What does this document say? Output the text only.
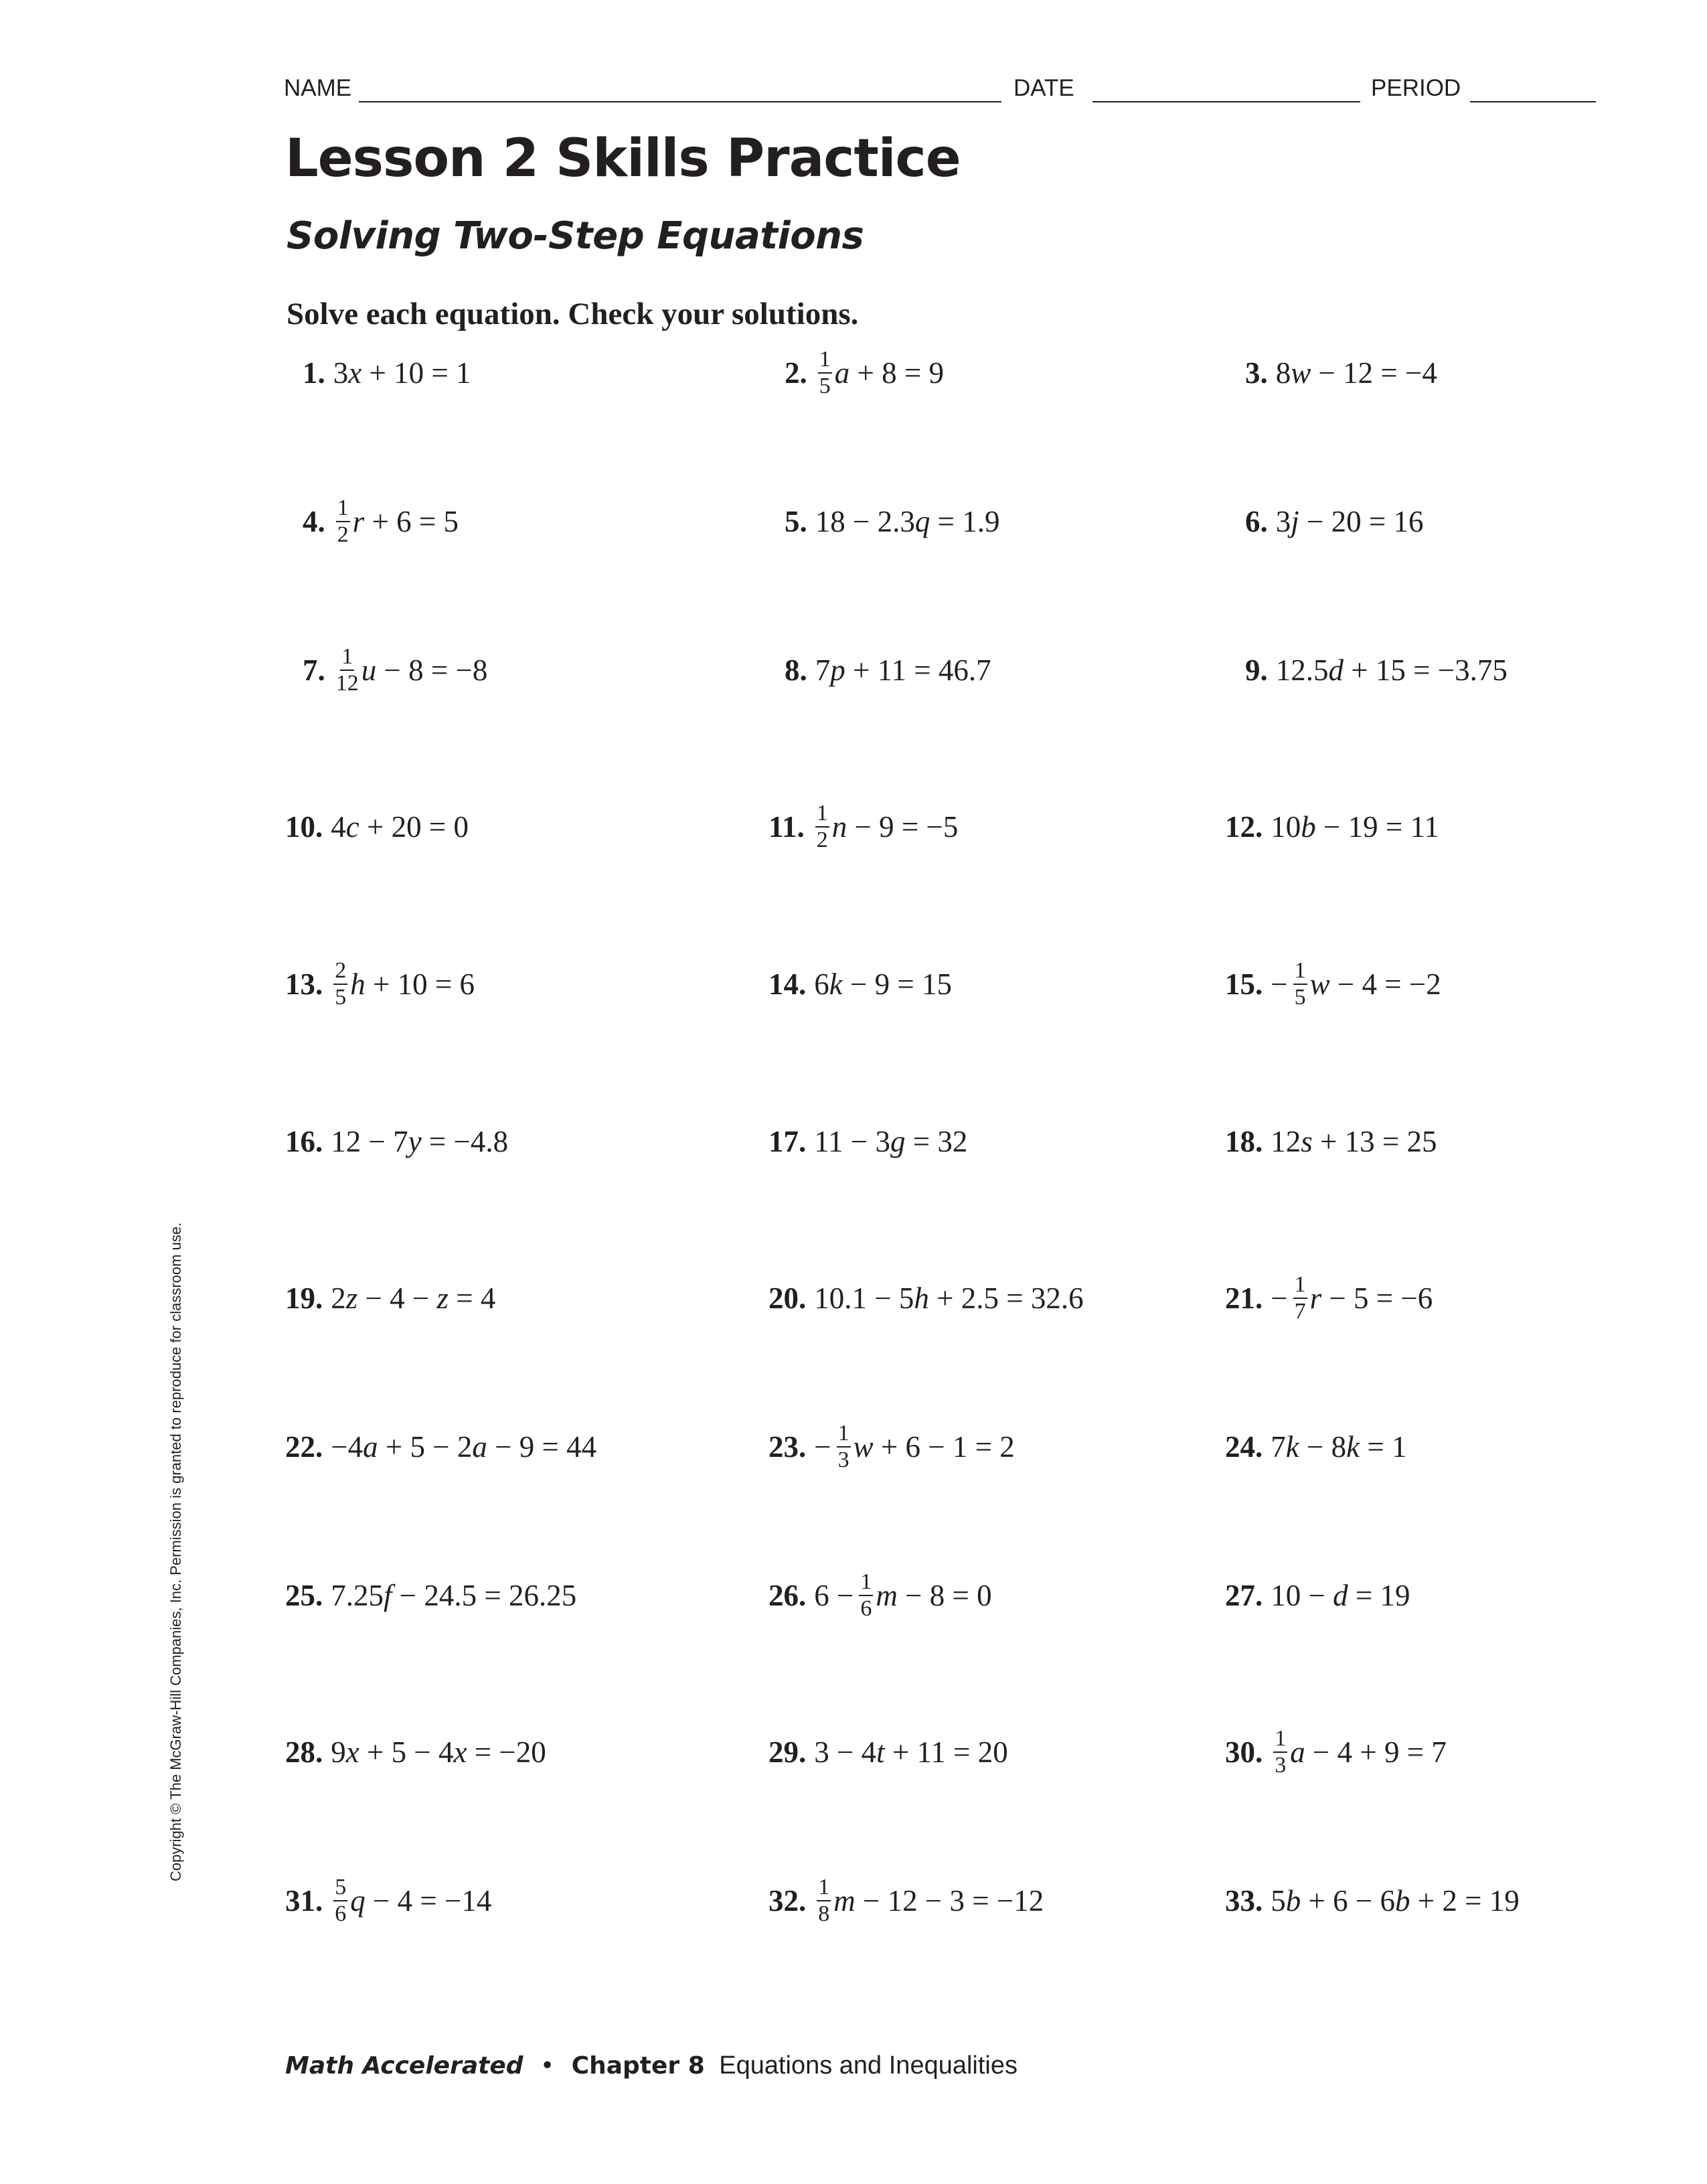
NAME	DATE	PERIOD
Lesson 2 Skills Practice
Solving Two-Step Equations
Solve each equation. Check your solutions.
1. 3x + 10 = 1	2. $\frac{1}{5}$ a + 8 = 9	3. 8w − 12 = −4
4. $\frac{1}{2}$ r + 6 = 5	5. 18 − 2.3q = 1.9	6. 3j − 20 = 16
7. $\frac{1}{12}$ u − 8 = −8	8. 7p + 11 = 46.7	9. 12.5d + 15 = −3.75
10. 4c + 20 = 0	11. $\frac{1}{2}$ n − 9 = −5	12. 10b − 19 = 11
13. $\frac{2}{5}$ h + 10 = 6	14. 6k − 9 = 15	15. − $\frac{1}{5}$ w − 4 = −2
16. 12 − 7y = −4.8	17. 11 − 3g = 32	18. 12s + 13 = 25
19. 2z − 4 − z = 4	20. 10.1 − 5h + 2.5 = 32.6	21. − $\frac{1}{7}$ r − 5 = −6
22. −4a + 5 − 2a − 9 = 44	23. − $\frac{1}{3}$ w + 6 − 1 = 2	24. 7k − 8k = 1
25. 7.25f − 24.5 = 26.25	26. $6 - \frac{1}{6}$ m − 8 = 0	27. 10 − d = 19
28. 9x + 5 − 4x = −20	29. 3 − 4t + 11 = 20	30. $\frac{1}{3}$ a − 4 + 9 = 7
31. $\frac{5}{6}$ q − 4 = −14	32. $\frac{1}{8}$ m − 12 − 3 = −12	33. 5b + 6 − 6b + 2 = 19
Copyright © The McGraw-Hill Companies, Inc. Permission is granted to reproduce for classroom use.
Math Accelerated • Chapter 8 Equations and Inequalities
